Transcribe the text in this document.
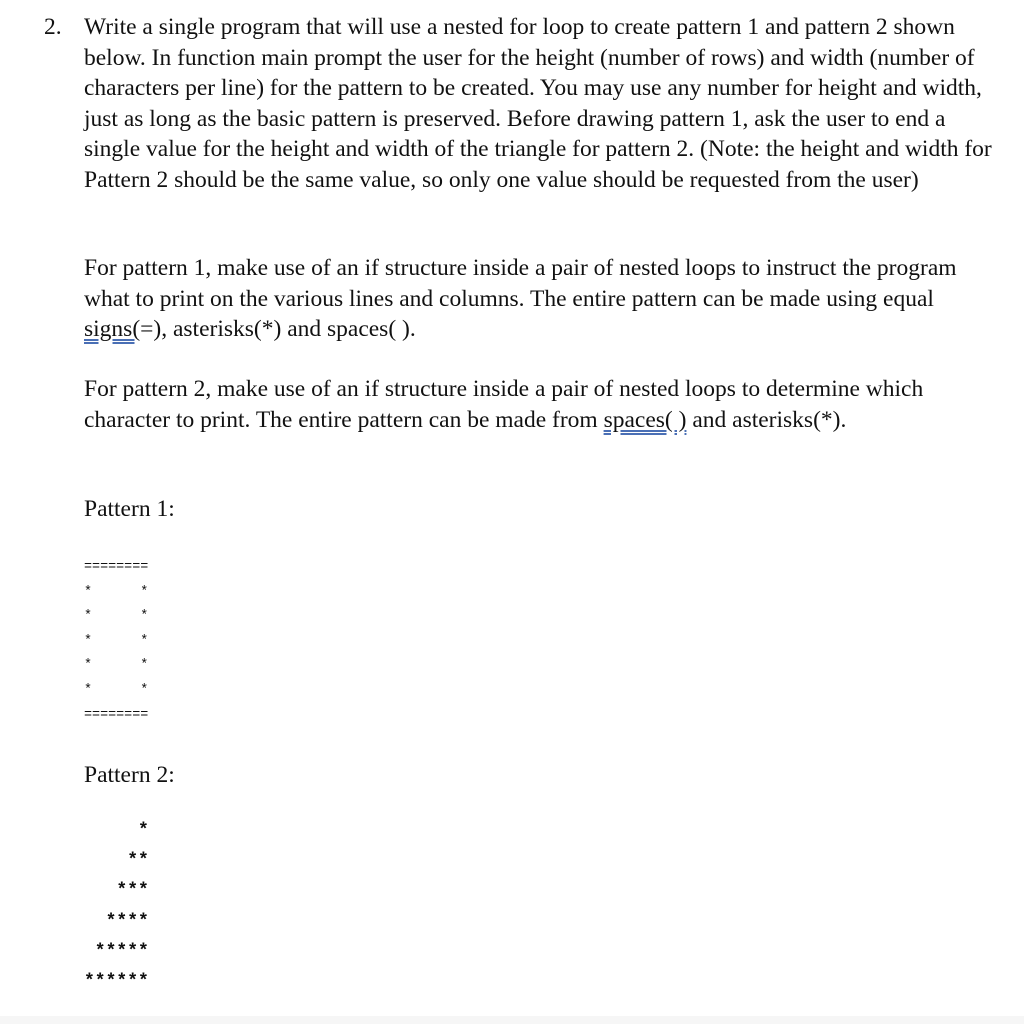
2. Write a single program that will use a nested for loop to create pattern 1 and pattern 2 shown below. In function main prompt the user for the height (number of rows) and width (number of characters per line) for the pattern to be created. You may use any number for height and width, just as long as the basic pattern is preserved. Before drawing pattern 1, ask the user to end a single value for the height and width of the triangle for pattern 2. (Note: the height and width for Pattern 2 should be the same value, so only one value should be requested from the user)

For pattern 1, make use of an if structure inside a pair of nested loops to instruct the program what to print on the various lines and columns. The entire pattern can be made using equal signs(=), asterisks(*) and spaces( ).

For pattern 2, make use of an if structure inside a pair of nested loops to determine which character to print. The entire pattern can be made from spaces( ) and asterisks(*).

Pattern 1:

========
*      *
*      *
*      *
*      *
*      *
========

Pattern 2:

*
**
***
****
*****
******
